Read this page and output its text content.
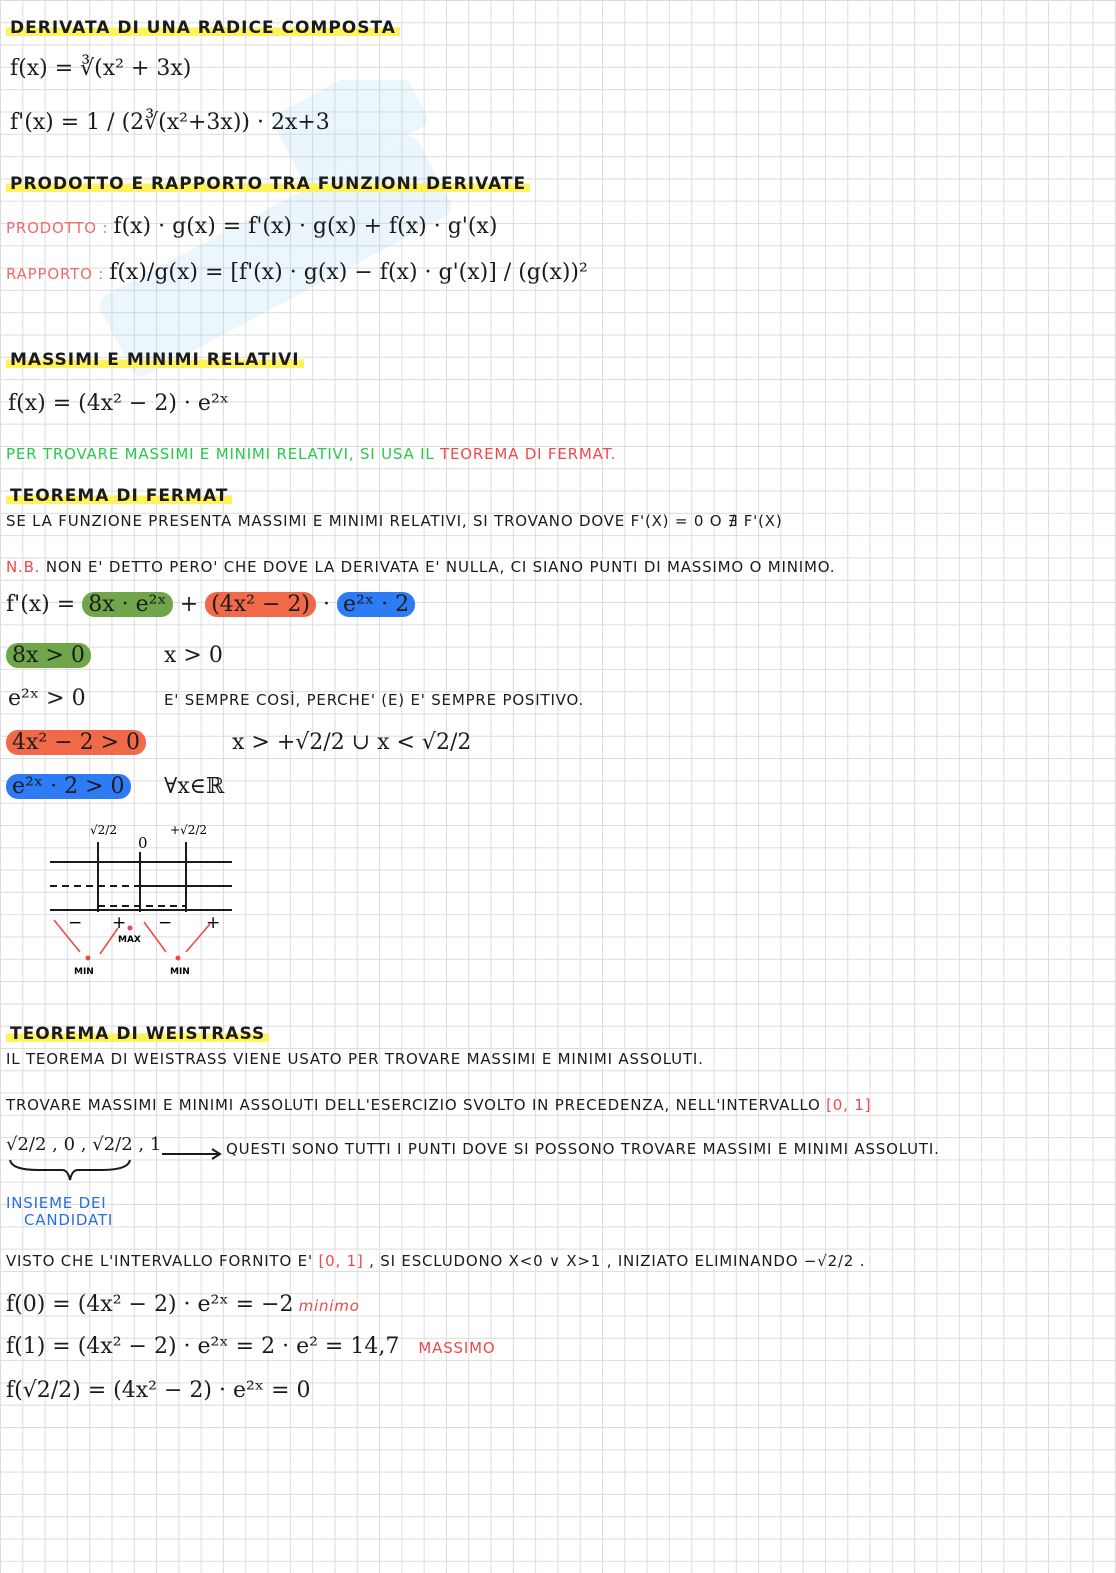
DERIVATA DI UNA RADICE COMPOSTA
f(x) = ∛(x² + 3x)
f'(x) = 1 / (2∛(x²+3x)) · 2x+3
PRODOTTO E RAPPORTO TRA FUNZIONI DERIVATE
PRODOTTO : f(x) · g(x) = f'(x) · g(x) + f(x) · g'(x)
RAPPORTO : f(x)/g(x) = [f'(x) · g(x) − f(x) · g'(x)] / (g(x))²
MASSIMI E MINIMI RELATIVI
f(x) = (4x² − 2) · e²ˣ
PER TROVARE MASSIMI E MINIMI RELATIVI, SI USA IL TEOREMA DI FERMAT.
TEOREMA DI FERMAT
SE LA FUNZIONE PRESENTA MASSIMI E MINIMI RELATIVI, SI TROVANO DOVE F'(X) = 0 O ∄ F'(X)
N.B. NON E' DETTO PERO' CHE DOVE LA DERIVATA E' NULLA, CI SIANO PUNTI DI MASSIMO O MINIMO.
f'(x) = 8x · e²ˣ + (4x² − 2) · e²ˣ · 2
8x > 0	x > 0
e²ˣ > 0	E' SEMPRE COSÌ, PERCHE' (E) E' SEMPRE POSITIVO.
4x² − 2 > 0	x > +√2/2 ∪ x < √2/2
e²ˣ · 2 > 0 ∀x∈ℝ
√2/2
0
+√2/2
− + − +
MAX
MIN	MIN
TEOREMA DI WEISTRASS
IL TEOREMA DI WEISTRASS VIENE USATO PER TROVARE MASSIMI E MINIMI ASSOLUTI.
TROVARE MASSIMI E MINIMI ASSOLUTI DELL'ESERCIZIO SVOLTO IN PRECEDENZA, NELL'INTERVALLO [0, 1]
√2/2 , 0 , √2/2 , 1	QUESTI SONO TUTTI I PUNTI DOVE SI POSSONO TROVARE MASSIMI E MINIMI ASSOLUTI.
INSIEME DEI
CANDIDATI
VISTO CHE L'INTERVALLO FORNITO E' [0, 1] , SI ESCLUDONO X<0 ∨ X>1 , INIZIATO ELIMINANDO −√2/2 .
f(0) = (4x² − 2) · e²ˣ = −2 minimo
f(1) = (4x² − 2) · e²ˣ = 2 · e² = 14,7 MASSIMO
f(√2/2) = (4x² − 2) · e²ˣ = 0
